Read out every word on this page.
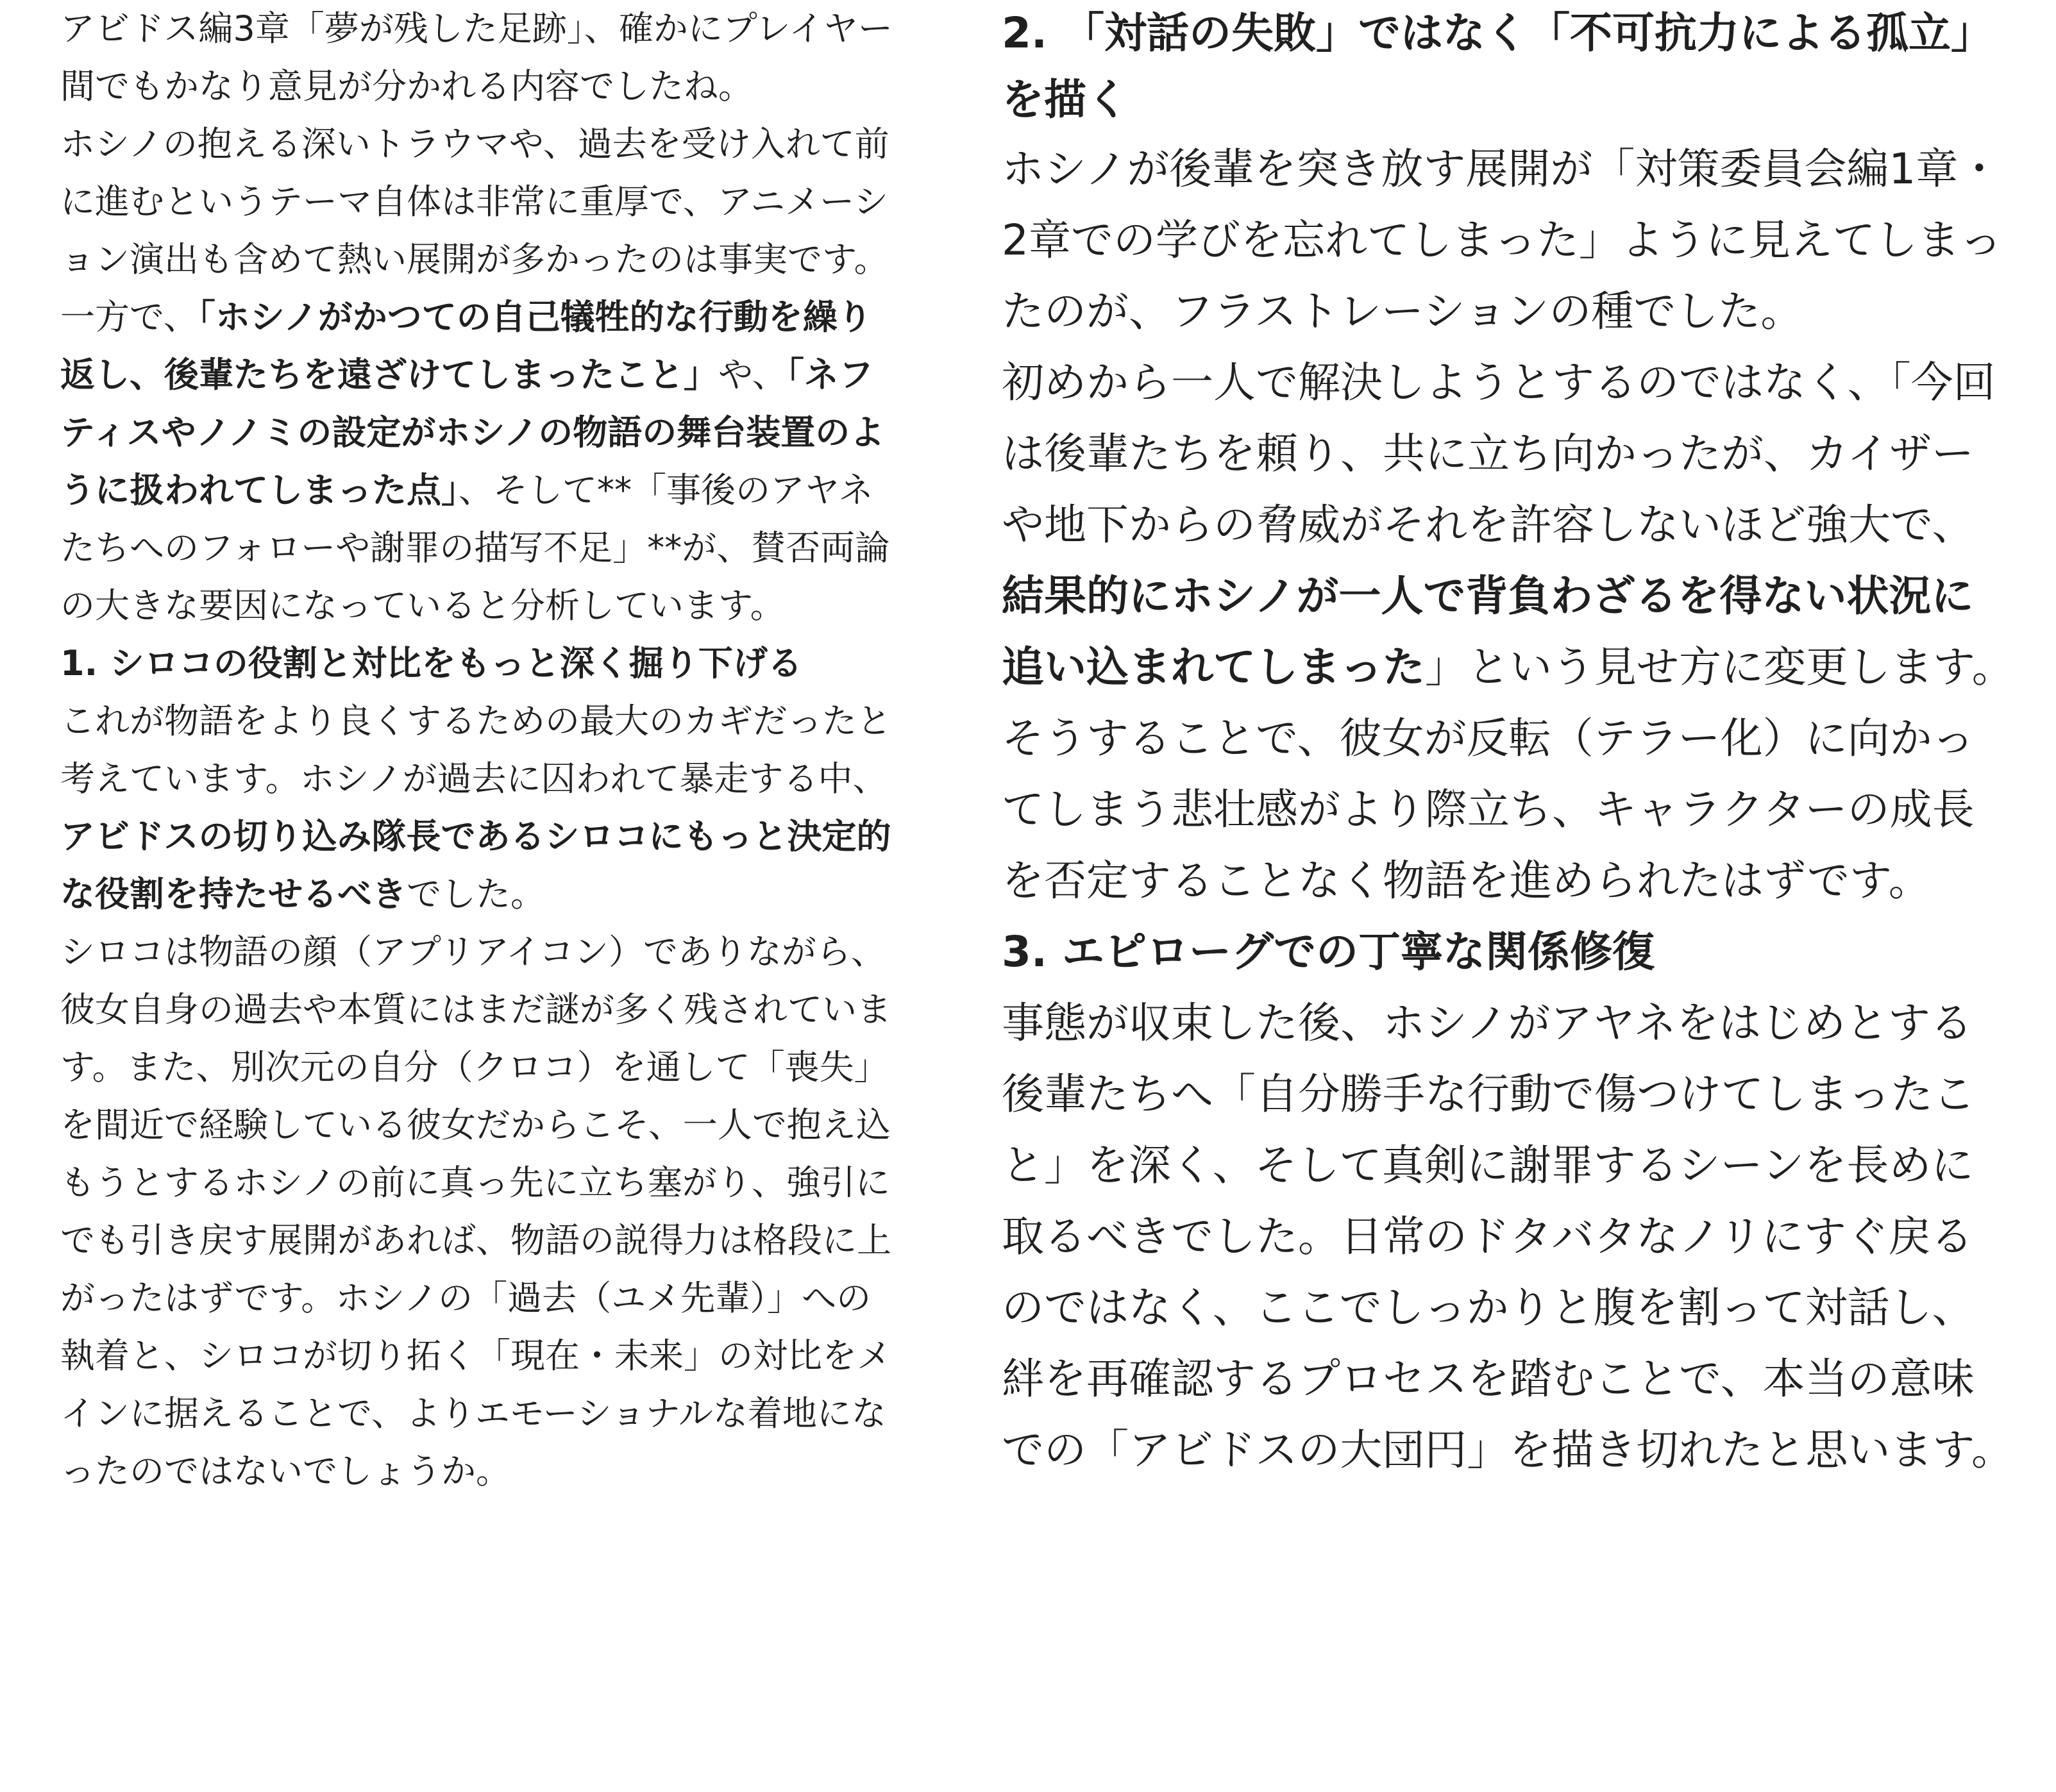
アビドス編3章「夢が残した足跡」、確かにプレイヤー間でもかなり意見が分かれる内容でしたね。

ホシノの抱える深いトラウマや、過去を受け入れて前に進むというテーマ自体は非常に重厚で、アニメーション演出も含めて熱い展開が多かったのは事実です。一方で、「ホシノがかつての自己犠牲的な行動を繰り返し、後輩たちを遠ざけてしまったこと」や、「ネフティスやノノミの設定がホシノの物語の舞台装置のように扱われてしまった点」、そして**「事後のアヤネたちへのフォローや謝罪の描写不足」**が、賛否両論の大きな要因になっていると分析しています。

1. シロコの役割と対比をもっと深く掘り下げる

これが物語をより良くするための最大のカギだったと考えています。ホシノが過去に囚われて暴走する中、アビドスの切り込み隊長であるシロコにもっと決定的な役割を持たせるべきでした。

シロコは物語の顔（アプリアイコン）でありながら、彼女自身の過去や本質にはまだ謎が多く残されています。また、別次元の自分（クロコ）を通して「喪失」を間近で経験している彼女だからこそ、一人で抱え込もうとするホシノの前に真っ先に立ち塞がり、強引にでも引き戻す展開があれば、物語の説得力は格段に上がったはずです。ホシノの「過去（ユメ先輩）」への執着と、シロコが切り拓く「現在・未来」の対比をメインに据えることで、よりエモーショナルな着地になったのではないでしょうか。

2. 「対話の失敗」ではなく「不可抗力による孤立」を描く

ホシノが後輩を突き放す展開が「対策委員会編1章・2章での学びを忘れてしまった」ように見えてしまったのが、フラストレーションの種でした。

初めから一人で解決しようとするのではなく、「今回は後輩たちを頼り、共に立ち向かったが、カイザーや地下からの脅威がそれを許容しないほど強大で、結果的にホシノが一人で背負わざるを得ない状況に追い込まれてしまった」という見せ方に変更します。そうすることで、彼女が反転（テラー化）に向かってしまう悲壮感がより際立ち、キャラクターの成長を否定することなく物語を進められたはずです。

3. エピローグでの丁寧な関係修復

事態が収束した後、ホシノがアヤネをはじめとする後輩たちへ「自分勝手な行動で傷つけてしまったこと」を深く、そして真剣に謝罪するシーンを長めに取るべきでした。日常のドタバタなノリにすぐ戻るのではなく、ここでしっかりと腹を割って対話し、絆を再確認するプロセスを踏むことで、本当の意味での「アビドスの大団円」を描き切れたと思います。
